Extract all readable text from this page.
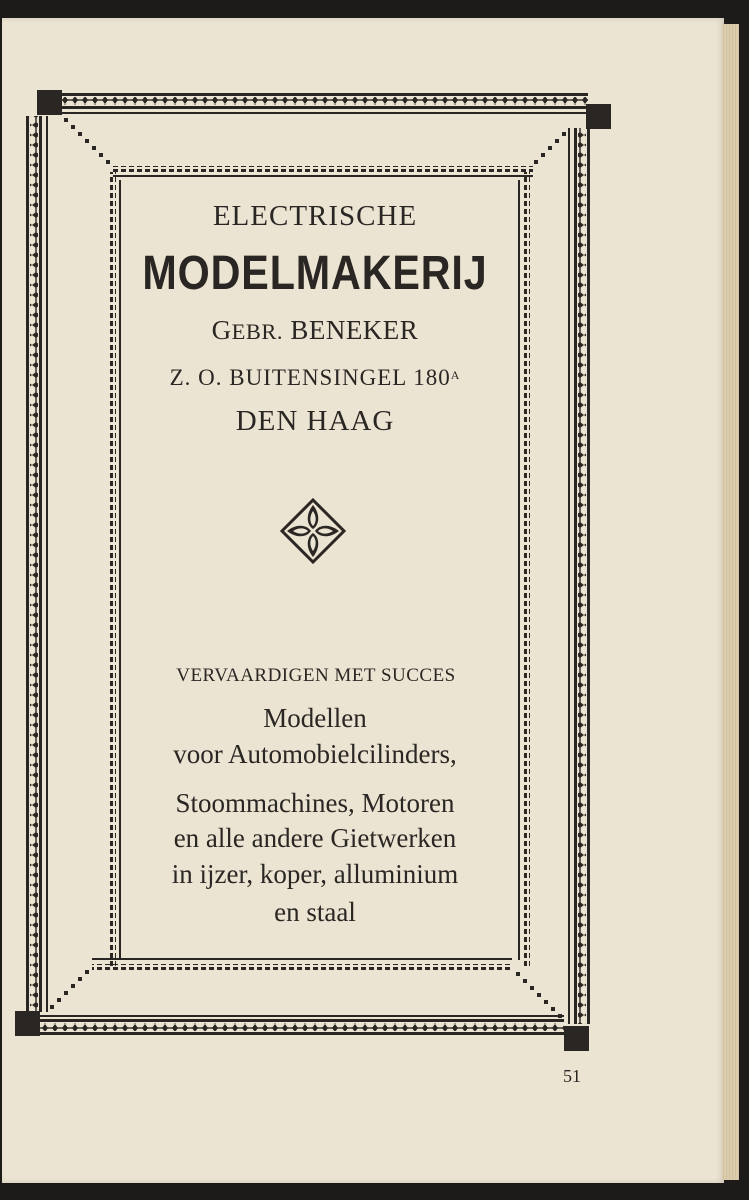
ELECTRISCHE
MODELMAKERIJ
GEBR. BENEKER
Z. O. BUITENSINGEL $180^A$
DEN HAAG
VERVAARDIGEN MET SUCCES
Modellen
voor Automobielcilinders,
Stoommachines, Motoren
en alle andere Gietwerken
in ijzer, koper, alluminium
en staal
51
